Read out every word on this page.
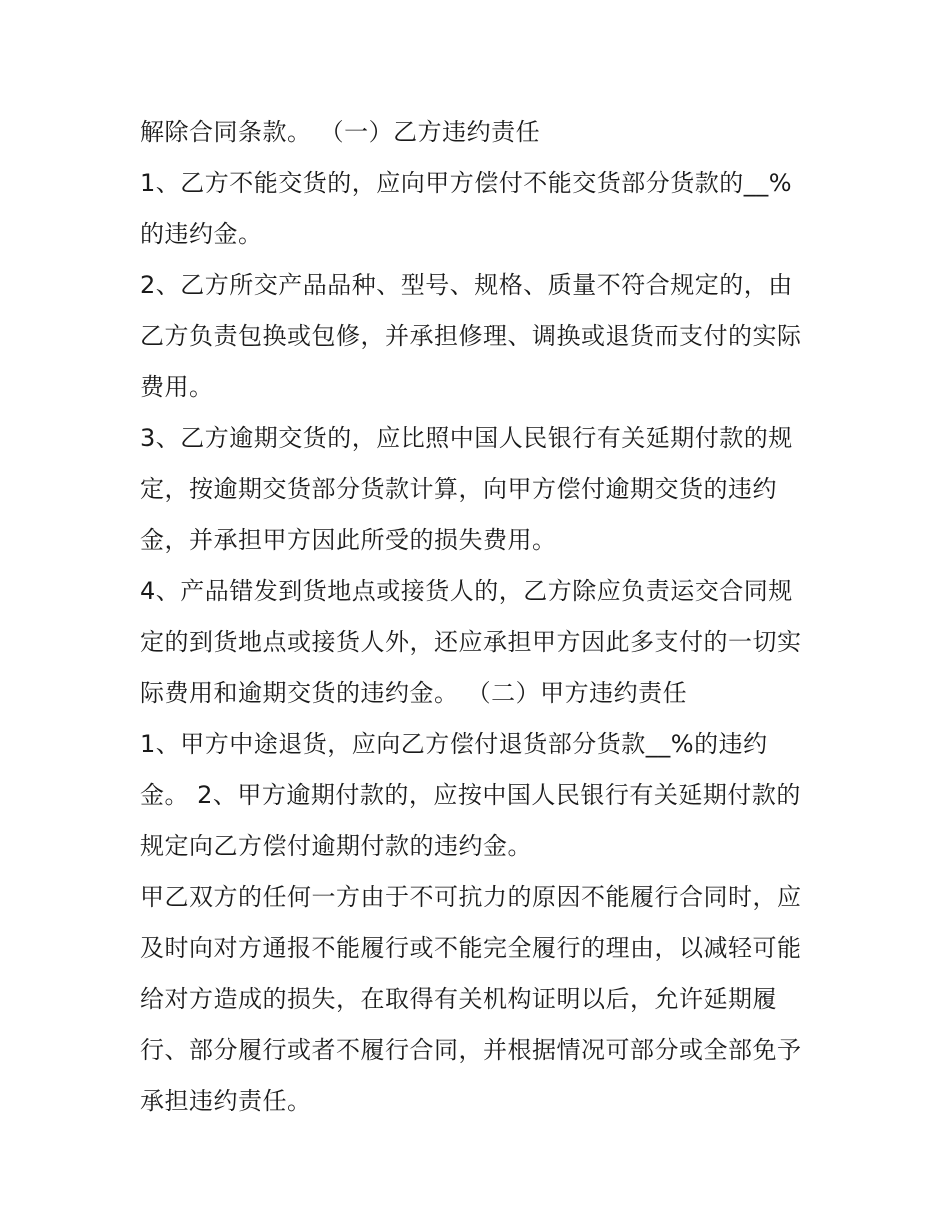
解除合同条款。 （一）乙方违约责任
1、乙方不能交货的，应向甲方偿付不能交货部分货款的__%
的违约金。
2、乙方所交产品品种、型号、规格、质量不符合规定的，由
乙方负责包换或包修，并承担修理、调换或退货而支付的实际
费用。
3、乙方逾期交货的，应比照中国人民银行有关延期付款的规
定，按逾期交货部分货款计算，向甲方偿付逾期交货的违约
金，并承担甲方因此所受的损失费用。
4、产品错发到货地点或接货人的，乙方除应负责运交合同规
定的到货地点或接货人外，还应承担甲方因此多支付的一切实
际费用和逾期交货的违约金。 （二）甲方违约责任
1、甲方中途退货，应向乙方偿付退货部分货款__%的违约
金。 2、甲方逾期付款的，应按中国人民银行有关延期付款的
规定向乙方偿付逾期付款的违约金。
甲乙双方的任何一方由于不可抗力的原因不能履行合同时，应
及时向对方通报不能履行或不能完全履行的理由，以减轻可能
给对方造成的损失，在取得有关机构证明以后，允许延期履
行、部分履行或者不履行合同，并根据情况可部分或全部免予
承担违约责任。
